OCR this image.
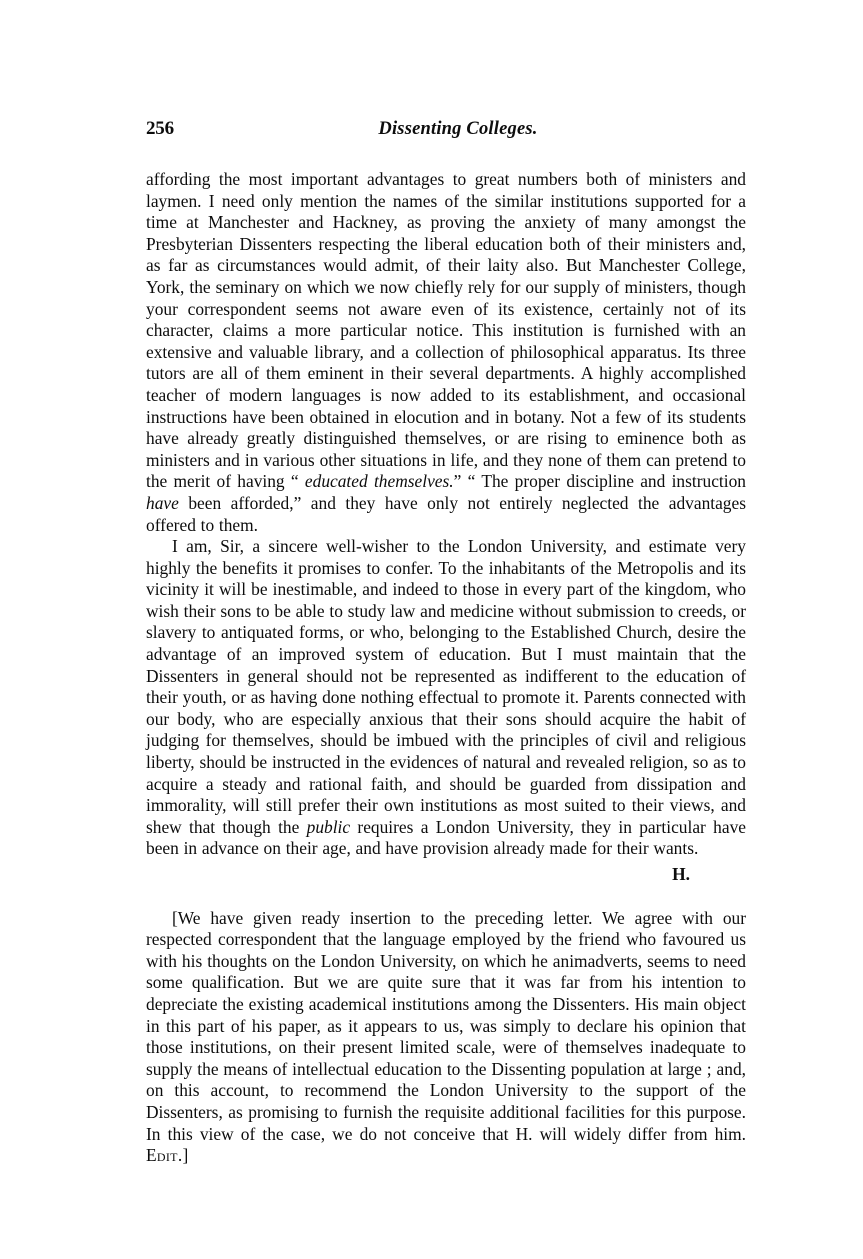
256	Dissenting Colleges.

affording the most important advantages to great numbers both of ministers and laymen. I need only mention the names of the similar institutions supported for a time at Manchester and Hackney, as proving the anxiety of many amongst the Presbyterian Dissenters respecting the liberal education both of their ministers and, as far as circumstances would admit, of their laity also. But Manchester College, York, the seminary on which we now chiefly rely for our supply of ministers, though your correspondent seems not aware even of its existence, certainly not of its character, claims a more particular notice. This institution is furnished with an extensive and valuable library, and a collection of philosophical apparatus. Its three tutors are all of them eminent in their several departments. A highly accomplished teacher of modern languages is now added to its establishment, and occasional instructions have been obtained in elocution and in botany. Not a few of its students have already greatly distinguished themselves, or are rising to eminence both as ministers and in various other situations in life, and they none of them can pretend to the merit of having “ educated themselves.” “ The proper discipline and instruction have been afforded,” and they have only not entirely neglected the advantages offered to them.

I am, Sir, a sincere well-wisher to the London University, and estimate very highly the benefits it promises to confer. To the inhabitants of the Metropolis and its vicinity it will be inestimable, and indeed to those in every part of the kingdom, who wish their sons to be able to study law and medicine without submission to creeds, or slavery to antiquated forms, or who, belonging to the Established Church, desire the advantage of an improved system of education. But I must maintain that the Dissenters in general should not be represented as indifferent to the education of their youth, or as having done nothing effectual to promote it. Parents connected with our body, who are especially anxious that their sons should acquire the habit of judging for themselves, should be imbued with the principles of civil and religious liberty, should be instructed in the evidences of natural and revealed religion, so as to acquire a steady and rational faith, and should be guarded from dissipation and immorality, will still prefer their own institutions as most suited to their views, and shew that though the public requires a London University, they in particular have been in advance on their age, and have provision already made for their wants.

H.

[We have given ready insertion to the preceding letter. We agree with our respected correspondent that the language employed by the friend who favoured us with his thoughts on the London University, on which he animadverts, seems to need some qualification. But we are quite sure that it was far from his intention to depreciate the existing academical institutions among the Dissenters. His main object in this part of his paper, as it appears to us, was simply to declare his opinion that those institutions, on their present limited scale, were of themselves inadequate to supply the means of intellectual education to the Dissenting population at large ; and, on this account, to recommend the London University to the support of the Dissenters, as promising to furnish the requisite additional facilities for this purpose. In this view of the case, we do not conceive that H. will widely differ from him. Edit.]
